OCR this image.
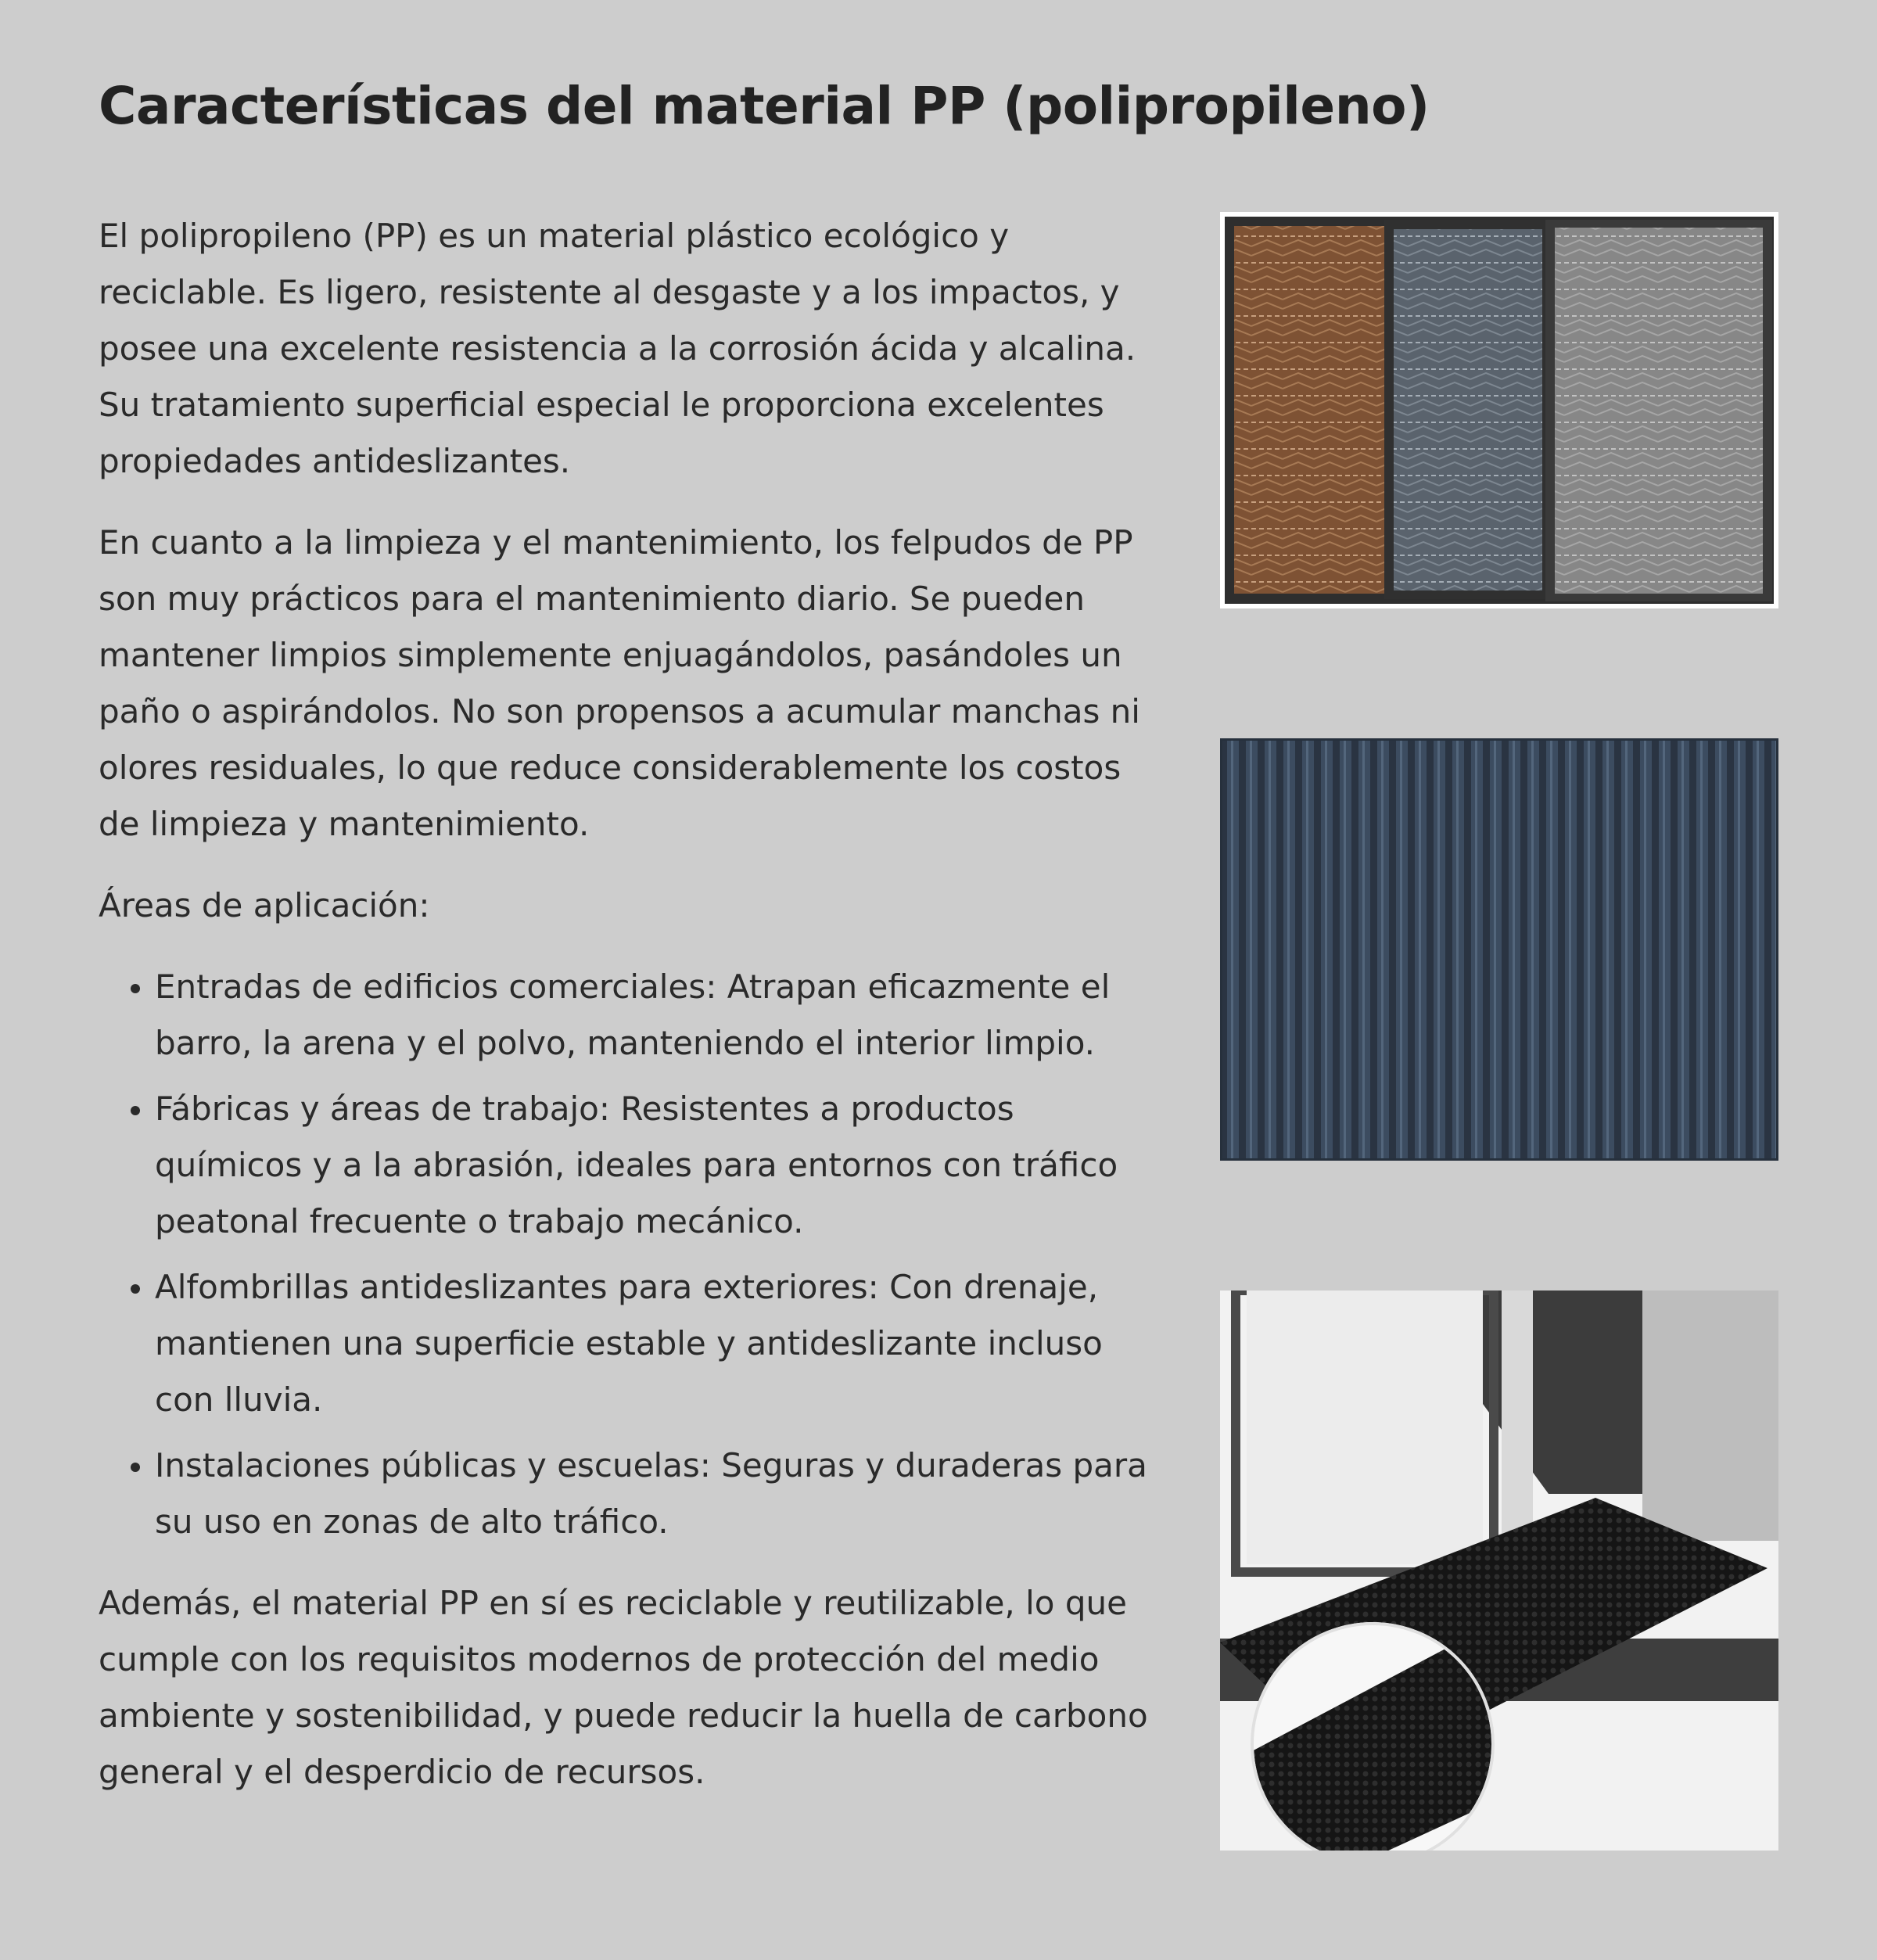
Características del material PP (polipropileno)

El polipropileno (PP) es un material plástico ecológico y reciclable. Es ligero, resistente al desgaste y a los impactos, y posee una excelente resistencia a la corrosión ácida y alcalina. Su tratamiento superficial especial le proporciona excelentes propiedades antideslizantes.

En cuanto a la limpieza y el mantenimiento, los felpudos de PP son muy prácticos para el mantenimiento diario. Se pueden mantener limpios simplemente enjuagándolos, pasándoles un paño o aspirándolos. No son propensos a acumular manchas ni olores residuales, lo que reduce considerablemente los costos de limpieza y mantenimiento.

Áreas de aplicación:

• Entradas de edificios comerciales: Atrapan eficazmente el barro, la arena y el polvo, manteniendo el interior limpio.
• Fábricas y áreas de trabajo: Resistentes a productos químicos y a la abrasión, ideales para entornos con tráfico peatonal frecuente o trabajo mecánico.
• Alfombrillas antideslizantes para exteriores: Con drenaje, mantienen una superficie estable y antideslizante incluso con lluvia.
• Instalaciones públicas y escuelas: Seguras y duraderas para su uso en zonas de alto tráfico.

Además, el material PP en sí es reciclable y reutilizable, lo que cumple con los requisitos modernos de protección del medio ambiente y sostenibilidad, y puede reducir la huella de carbono general y el desperdicio de recursos.
